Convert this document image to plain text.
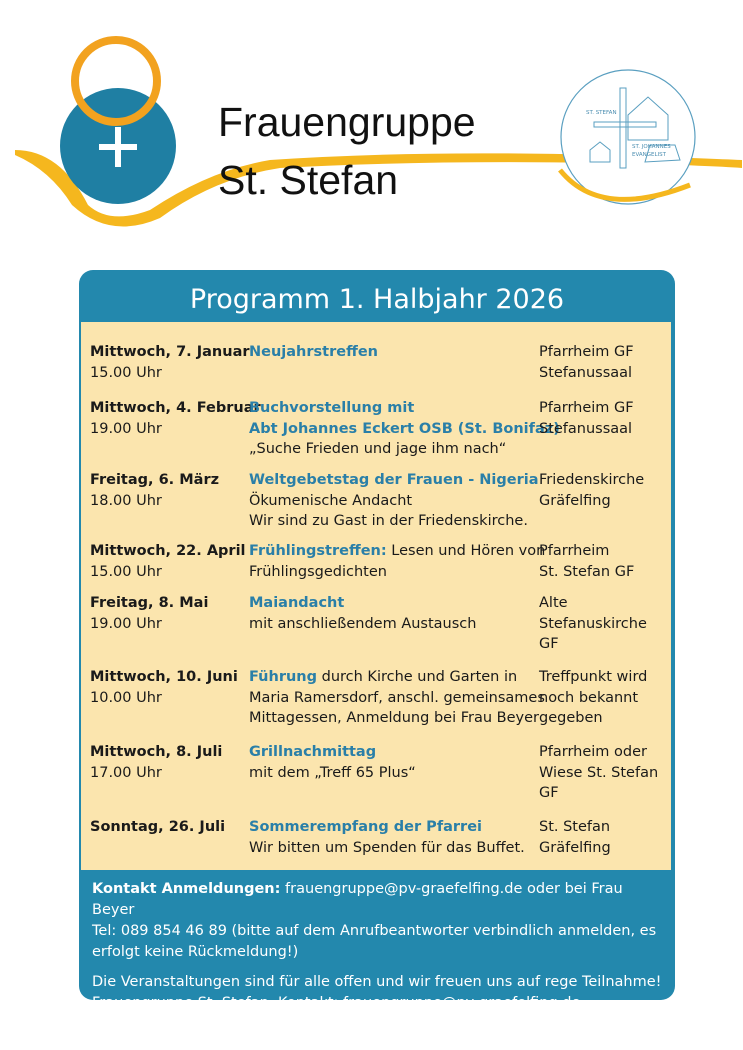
ST. STEFAN
ST. JOHANNES
EVANGELIST
Frauengruppe
St. Stefan
Programm 1. Halbjahr 2026
Mittwoch, 7. Januar
15.00 Uhr
Neujahrstreffen	Pfarrheim GF
Stefanussaal
Mittwoch, 4. Februar
19.00 Uhr
Buchvorstellung mit
Abt Johannes Eckert OSB (St. Bonifaz)
„Suche Frieden und jage ihm nach“
Pfarrheim GF
Stefanussaal
Freitag, 6. März
18.00 Uhr
Weltgebetstag der Frauen - Nigeria
Ökumenische Andacht
Wir sind zu Gast in der Friedenskirche.
Friedenskirche
Gräfelfing
Mittwoch, 22. April
15.00 Uhr
Frühlingstreffen: Lesen und Hören von
Frühlingsgedichten
Pfarrheim
St. Stefan GF
Freitag, 8. Mai
19.00 Uhr
Maiandacht
mit anschließendem Austausch
Alte
Stefanuskirche
GF
Mittwoch, 10. Juni
10.00 Uhr
Führung durch Kirche und Garten in
Maria Ramersdorf, anschl. gemeinsames
Mittagessen, Anmeldung bei Frau Beyer
Treffpunkt wird
noch bekannt
gegeben
Mittwoch, 8. Juli
17.00 Uhr
Grillnachmittag
mit dem „Treff 65 Plus“
Pfarrheim oder
Wiese St. Stefan
GF
Sonntag, 26. Juli	Sommerempfang der Pfarrei
Wir bitten um Spenden für das Buffet.
St. Stefan
Gräfelfing

Kontakt Anmeldungen: frauengruppe@pv-graefelfing.de oder bei Frau Beyer

Tel: 089 854 46 89 (bitte auf dem Anrufbeantworter verbindlich anmelden, es

erfolgt keine Rückmeldung!)

Die Veranstaltungen sind für alle offen und wir freuen uns auf rege Teilnahme!

Frauengruppe St. Stefan, Kontakt: frauengruppe@pv-graefelfing.de
